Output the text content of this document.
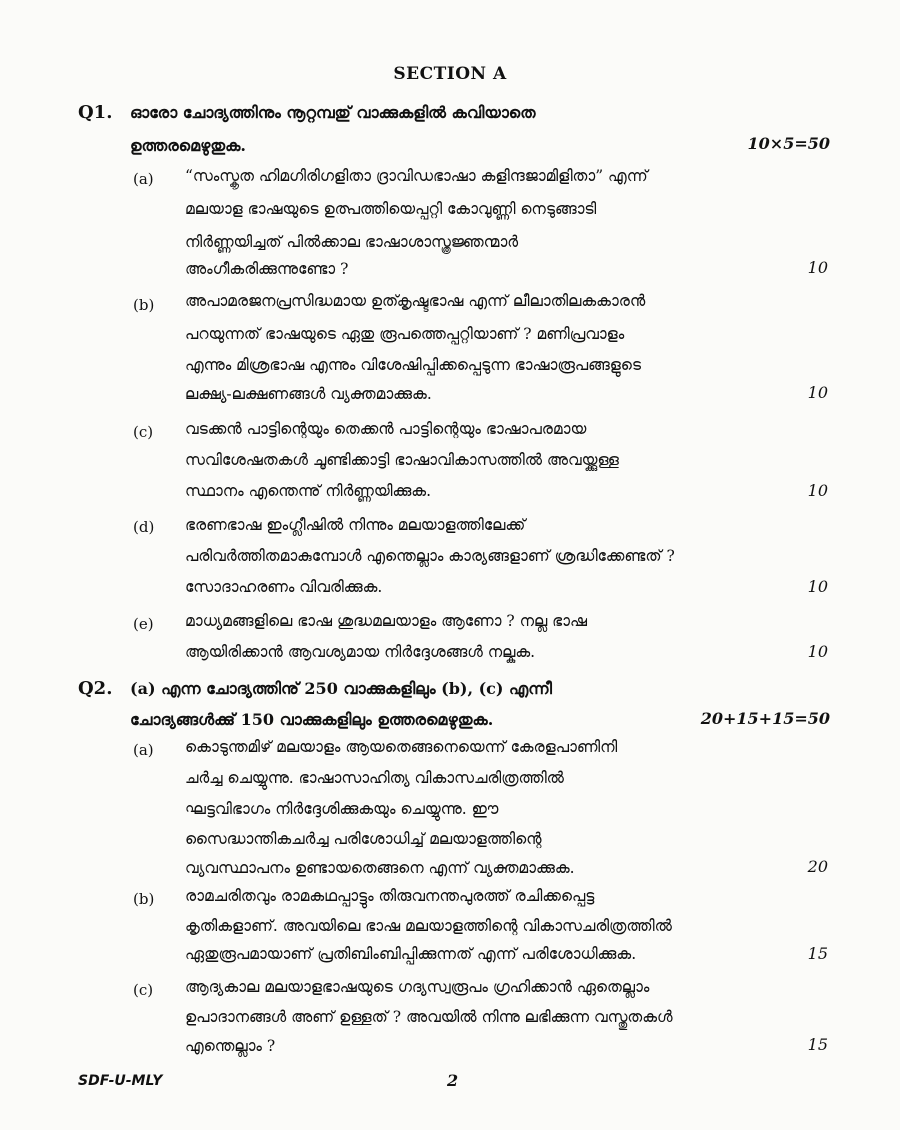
SECTION A
Q1. ഓരോ ചോദ്യത്തിനും നൂറ്റമ്പതു് വാക്കുകളിൽ കവിയാതെ
ഉത്തരമെഴുതുക.	10×5=50
(a) “സംസ്കൃത ഹിമഗിരിഗളിതാ ദ്രാവിഡഭാഷാ കളിന്ദജാമിളിതാ” എന്ന്
മലയാള ഭാഷയുടെ ഉത്പത്തിയെപ്പറ്റി കോവുണ്ണി നെടുങ്ങാടി
നിർണ്ണയിച്ചത് പിൽക്കാല ഭാഷാശാസ്ത്രജ്ഞന്മാർ
അംഗീകരിക്കുന്നുണ്ടോ ?	10
(b) അപാമരജനപ്രസിദ്ധമായ ഉത്കൃഷ്ടഭാഷ എന്ന് ലീലാതിലകകാരൻ
പറയുന്നത് ഭാഷയുടെ ഏതു രൂപത്തെപ്പറ്റിയാണ് ? മണിപ്രവാളം
എന്നും മിശ്രഭാഷ എന്നും വിശേഷിപ്പിക്കപ്പെടുന്ന ഭാഷാരൂപങ്ങളുടെ
ലക്ഷ്യ-ലക്ഷണങ്ങൾ വ്യക്തമാക്കുക.	10
(c) വടക്കൻ പാട്ടിന്റെയും തെക്കൻ പാട്ടിന്റെയും ഭാഷാപരമായ
സവിശേഷതകൾ ചൂണ്ടിക്കാട്ടി ഭാഷാവികാസത്തിൽ അവയ്ക്കുള്ള
സ്ഥാനം എന്തെന്നു് നിർണ്ണയിക്കുക.	10
(d) ഭരണഭാഷ ഇംഗ്ലീഷിൽ നിന്നും മലയാളത്തിലേക്ക്
പരിവർത്തിതമാകുമ്പോൾ എന്തെല്ലാം കാര്യങ്ങളാണ് ശ്രദ്ധിക്കേണ്ടത് ?
സോദാഹരണം വിവരിക്കുക.	10
(e) മാധ്യമങ്ങളിലെ ഭാഷ ശുദ്ധമലയാളം ആണോ ? നല്ല ഭാഷ
ആയിരിക്കാൻ ആവശ്യമായ നിർദ്ദേശങ്ങൾ നല്കുക.	10
Q2. (a) എന്ന ചോദ്യത്തിനു് 250 വാക്കുകളിലും (b), (c) എന്നീ
ചോദ്യങ്ങൾക്കു് 150 വാക്കുകളിലും ഉത്തരമെഴുതുക.	20+15+15=50
(a) കൊടുന്തമിഴ് മലയാളം ആയതെങ്ങനെയെന്ന് കേരളപാണിനി
ചർച്ച ചെയ്യുന്നു. ഭാഷാസാഹിത്യ വികാസചരിത്രത്തിൽ
ഘട്ടവിഭാഗം നിർദ്ദേശിക്കുകയും ചെയ്യുന്നു. ഈ
സൈദ്ധാന്തികചർച്ച പരിശോധിച്ച് മലയാളത്തിന്റെ
വ്യവസ്ഥാപനം ഉണ്ടായതെങ്ങനെ എന്ന് വ്യക്തമാക്കുക.	20
(b) രാമചരിതവും രാമകഥപ്പാട്ടും തിരുവനന്തപുരത്ത് രചിക്കപ്പെട്ട
കൃതികളാണ്. അവയിലെ ഭാഷ മലയാളത്തിന്റെ വികാസചരിത്രത്തിൽ
ഏതുരൂപമായാണ് പ്രതിബിംബിപ്പിക്കുന്നത് എന്ന് പരിശോധിക്കുക.	15
(c) ആദ്യകാല മലയാളഭാഷയുടെ ഗദ്യസ്വരൂപം ഗ്രഹിക്കാൻ ഏതെല്ലാം
ഉപാദാനങ്ങൾ അണ് ഉള്ളത് ? അവയിൽ നിന്നു ലഭിക്കുന്ന വസ്തുതകൾ
എന്തെല്ലാം ?	15
SDF-U-MLY	2
